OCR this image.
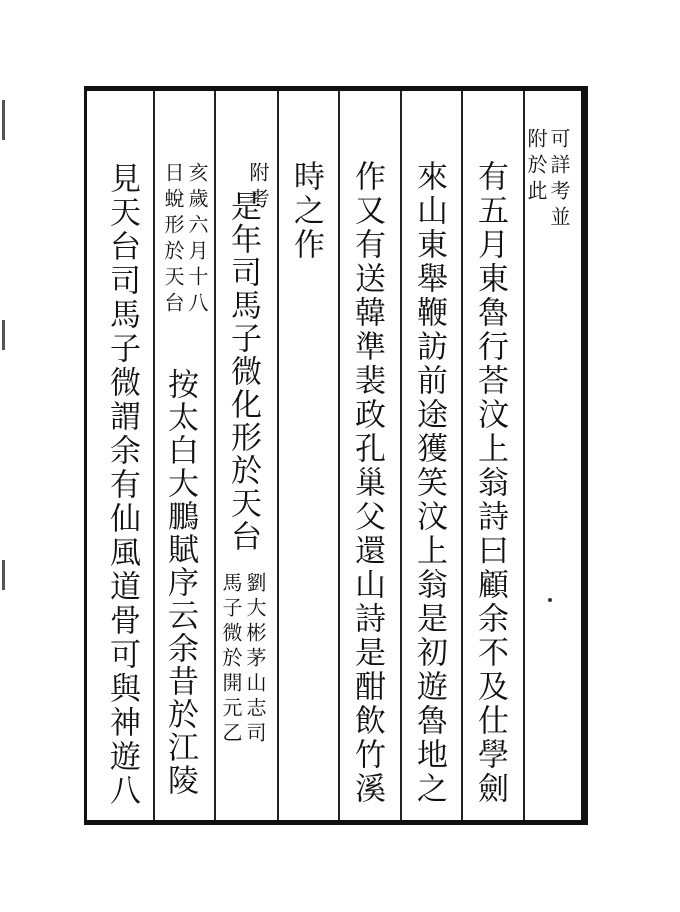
可詳考並
附於此
有五月東魯行荅汶上翁詩曰顧余不及仕學劍
來山東舉鞭訪前途獲笑汶上翁是初遊魯地之
作又有送韓準裴政孔巢父還山詩是酣飲竹溪
時之作
附考
是年司馬子微化形於天台
劉大彬茅山志司
馬子微於開元乙
亥歲六月十八
日蛻形於天台
按太白大鵬賦序云余昔於江陵
見天台司馬子微謂余有仙風道骨可與神遊八
